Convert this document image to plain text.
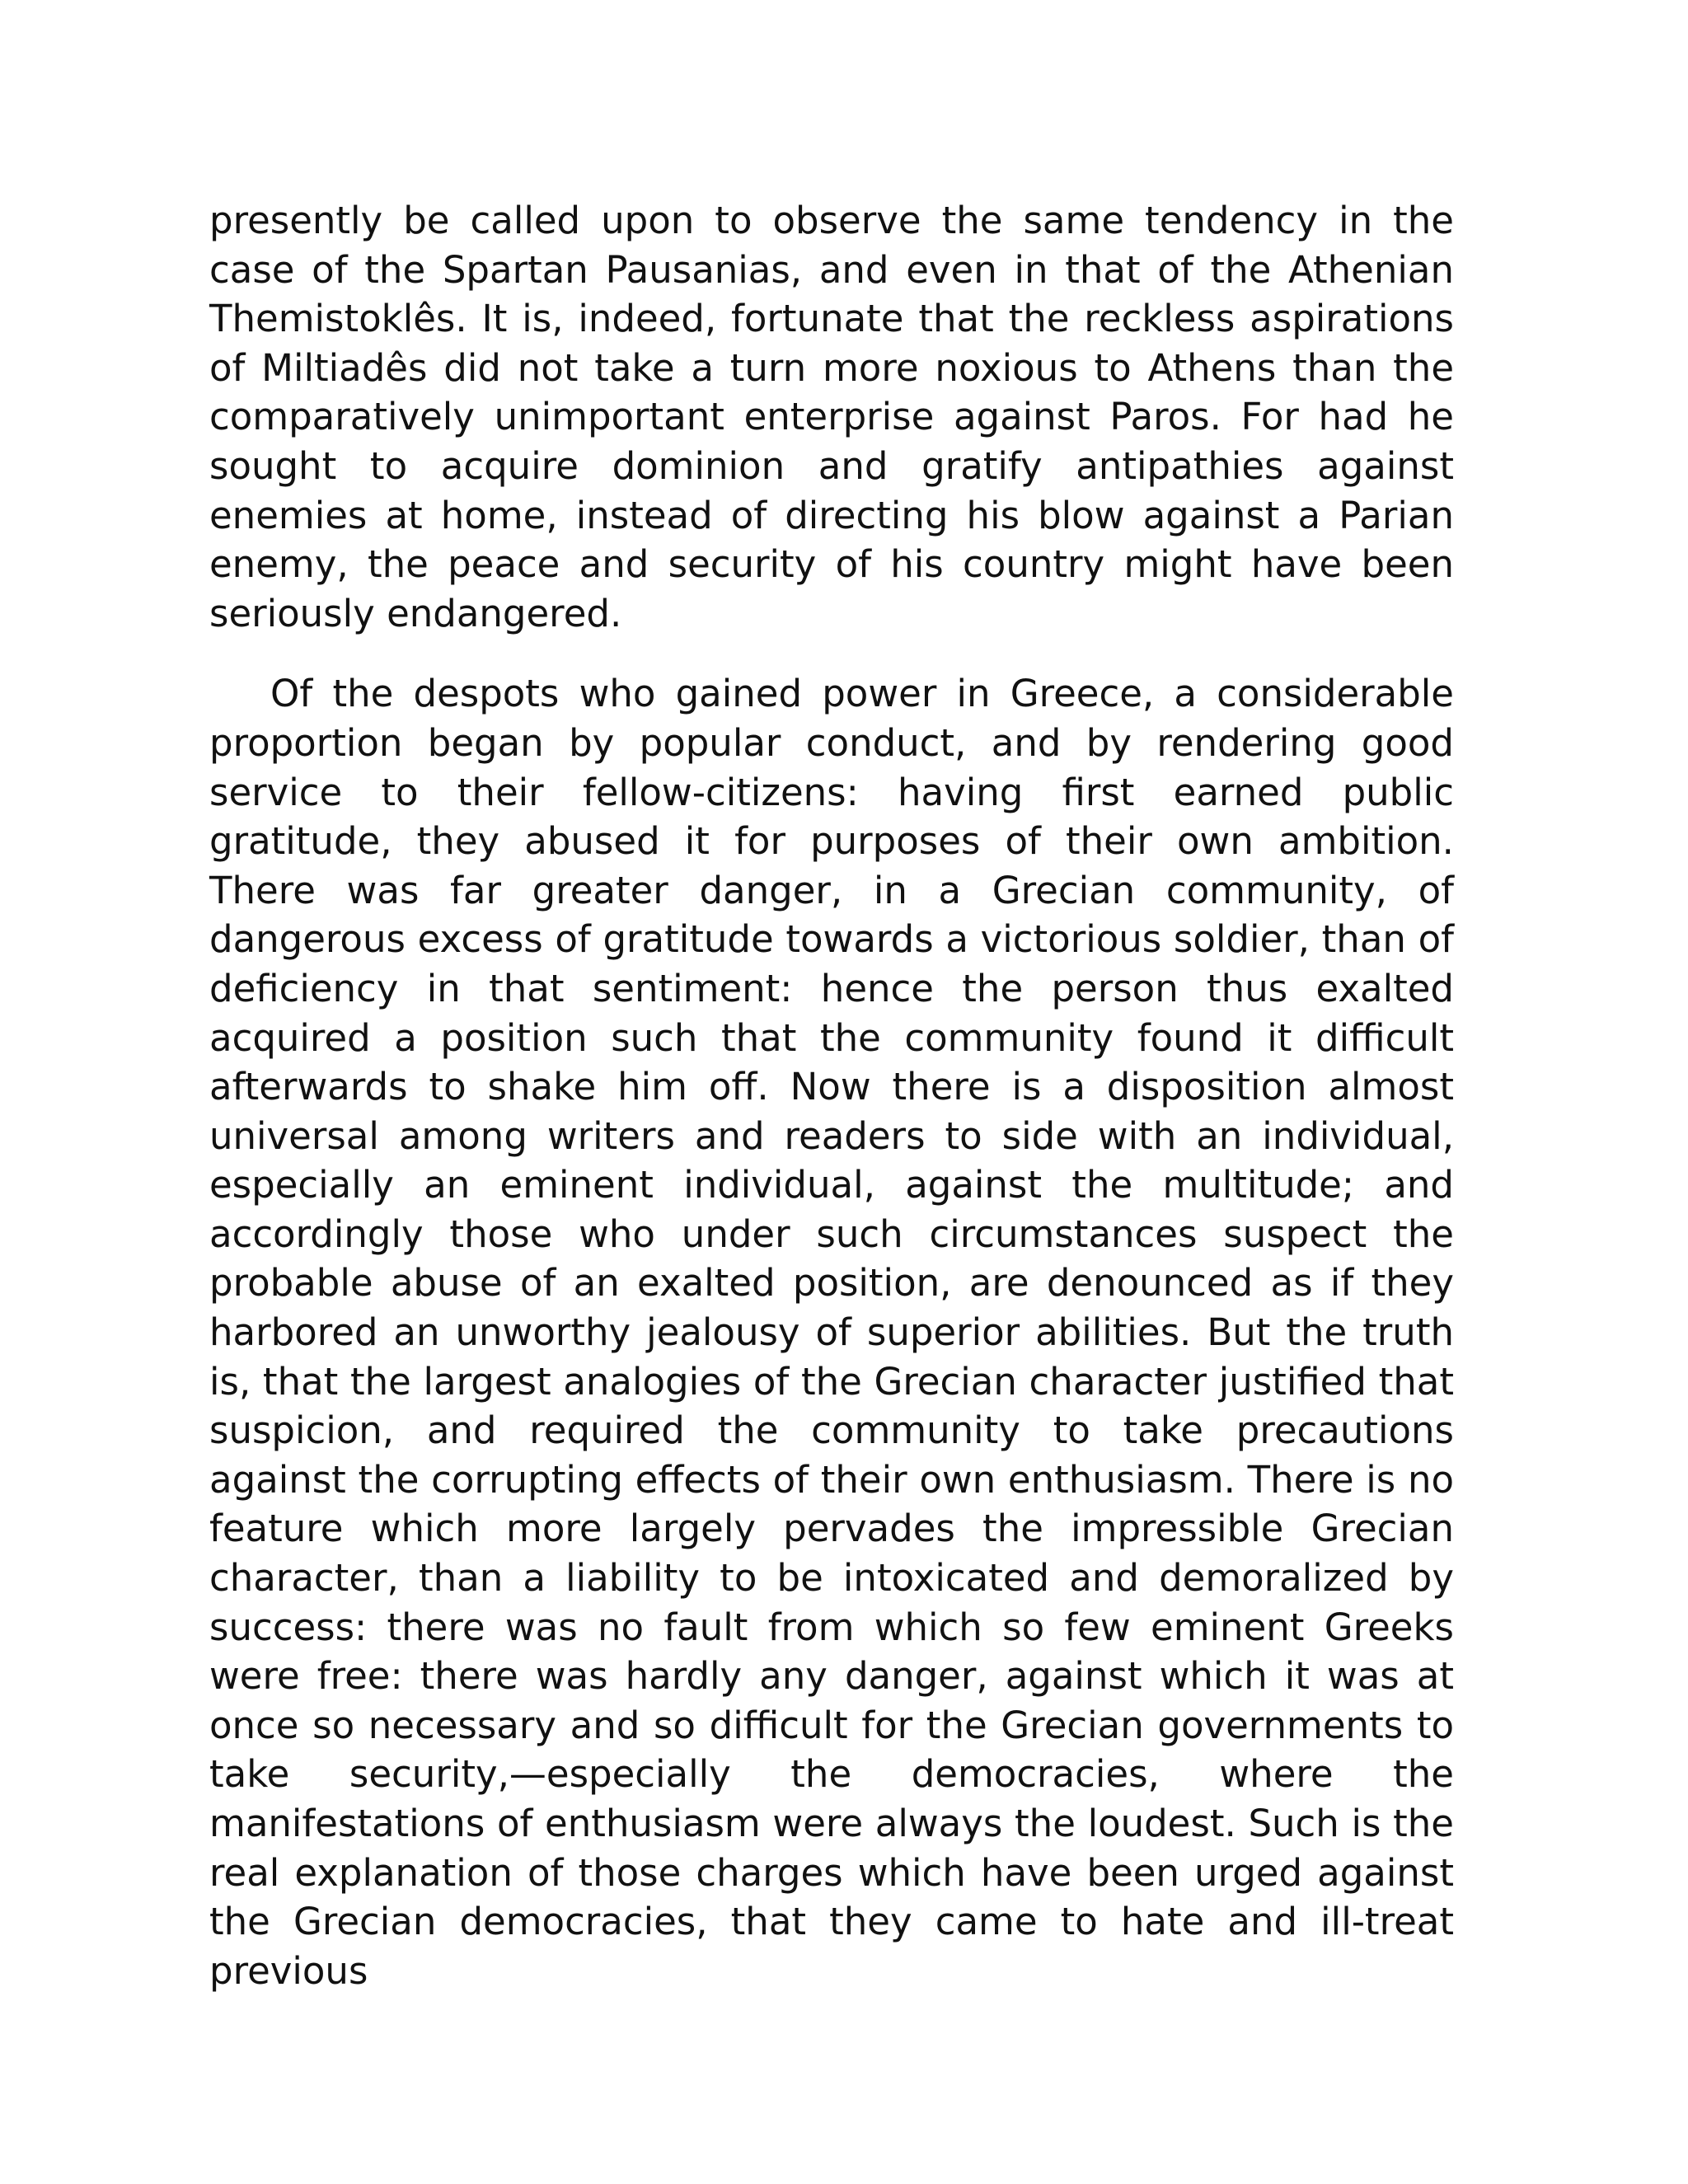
presently be called upon to observe the same tendency in the case of the Spartan Pausanias, and even in that of the Athenian Themistoklês. It is, indeed, fortunate that the reckless aspirations of Miltiadês did not take a turn more noxious to Athens than the comparatively unimportant enterprise against Paros. For had he sought to acquire dominion and gratify antipathies against enemies at home, instead of directing his blow against a Parian enemy, the peace and security of his country might have been seriously endangered.

Of the despots who gained power in Greece, a considerable proportion began by popular conduct, and by rendering good service to their fellow-citizens: having first earned public gratitude, they abused it for purposes of their own ambition. There was far greater danger, in a Grecian community, of dangerous excess of gratitude towards a victorious soldier, than of deficiency in that sentiment: hence the person thus exalted acquired a position such that the community found it difficult afterwards to shake him off. Now there is a disposition almost universal among writers and readers to side with an individual, especially an eminent individual, against the multitude; and accordingly those who under such circumstances suspect the probable abuse of an exalted position, are denounced as if they harbored an unworthy jealousy of superior abilities. But the truth is, that the largest analogies of the Grecian character justified that suspicion, and required the community to take precautions against the corrupting effects of their own enthusiasm. There is no feature which more largely pervades the impressible Grecian character, than a liability to be intoxicated and demoralized by success: there was no fault from which so few eminent Greeks were free: there was hardly any danger, against which it was at once so necessary and so difficult for the Grecian governments to take security,—especially the democracies, where the manifestations of enthusiasm were always the loudest. Such is the real explanation of those charges which have been urged against the Grecian democracies, that they came to hate and ill-treat previous
